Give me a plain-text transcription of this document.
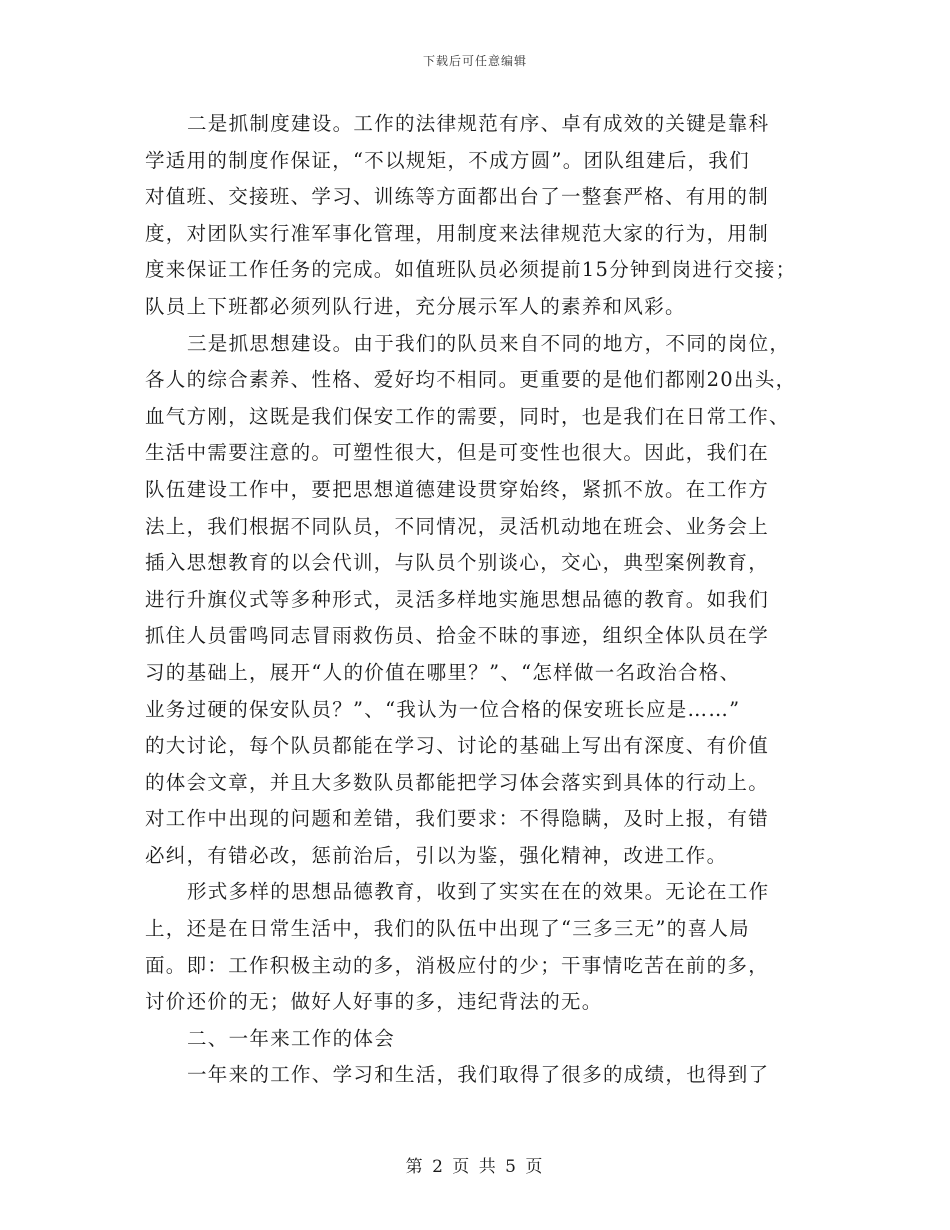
下载后可任意编辑
二是抓制度建设。工作的法律规范有序、卓有成效的关键是靠科
学适用的制度作保证，“不以规矩，不成方圆”。团队组建后，我们
对值班、交接班、学习、训练等方面都出台了一整套严格、有用的制
度，对团队实行准军事化管理，用制度来法律规范大家的行为，用制
度来保证工作任务的完成。如值班队员必须提前15分钟到岗进行交接；
队员上下班都必须列队行进，充分展示军人的素养和风彩。
三是抓思想建设。由于我们的队员来自不同的地方，不同的岗位，
各人的综合素养、性格、爱好均不相同。更重要的是他们都刚20出头，
血气方刚，这既是我们保安工作的需要，同时，也是我们在日常工作、
生活中需要注意的。可塑性很大，但是可变性也很大。因此，我们在
队伍建设工作中，要把思想道德建设贯穿始终，紧抓不放。在工作方
法上，我们根据不同队员，不同情况，灵活机动地在班会、业务会上
插入思想教育的以会代训，与队员个别谈心，交心，典型案例教育，
进行升旗仪式等多种形式，灵活多样地实施思想品德的教育。如我们
抓住人员雷鸣同志冒雨救伤员、拾金不昧的事迹，组织全体队员在学
习的基础上，展开“人的价值在哪里？”、“怎样做一名政治合格、
业务过硬的保安队员？”、“我认为一位合格的保安班长应是……”
的大讨论，每个队员都能在学习、讨论的基础上写出有深度、有价值
的体会文章，并且大多数队员都能把学习体会落实到具体的行动上。
对工作中出现的问题和差错，我们要求：不得隐瞒，及时上报，有错
必纠，有错必改，惩前治后，引以为鉴，强化精神，改进工作。
形式多样的思想品德教育，收到了实实在在的效果。无论在工作
上，还是在日常生活中，我们的队伍中出现了“三多三无”的喜人局
面。即：工作积极主动的多，消极应付的少；干事情吃苦在前的多，
讨价还价的无；做好人好事的多，违纪背法的无。
二、一年来工作的体会
一年来的工作、学习和生活，我们取得了很多的成绩，也得到了
第 2 页 共 5 页
